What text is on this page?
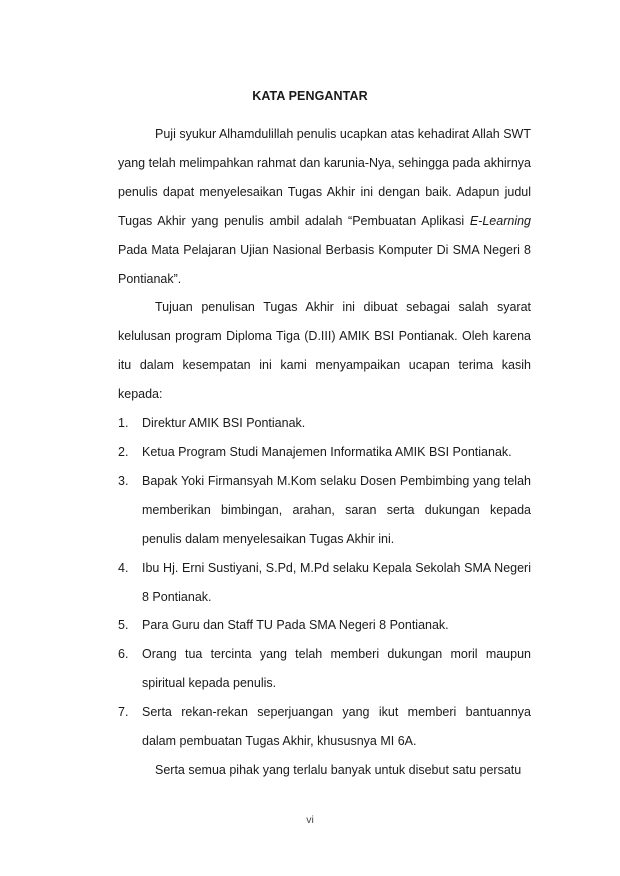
KATA PENGANTAR

Puji syukur Alhamdulillah penulis ucapkan atas kehadirat Allah SWT yang telah melimpahkan rahmat dan karunia-Nya, sehingga pada akhirnya penulis dapat menyelesaikan Tugas Akhir ini dengan baik. Adapun judul Tugas Akhir yang penulis ambil adalah “Pembuatan Aplikasi E-Learning Pada Mata Pelajaran Ujian Nasional Berbasis Komputer Di SMA Negeri 8 Pontianak”.

Tujuan penulisan Tugas Akhir ini dibuat sebagai salah syarat kelulusan program Diploma Tiga (D.III) AMIK BSI Pontianak. Oleh karena itu dalam kesempatan ini kami menyampaikan ucapan terima kasih kepada:

1. Direktur AMIK BSI Pontianak.
2. Ketua Program Studi Manajemen Informatika AMIK BSI Pontianak.
3. Bapak Yoki Firmansyah M.Kom selaku Dosen Pembimbing yang telah memberikan bimbingan, arahan, saran serta dukungan kepada penulis dalam menyelesaikan Tugas Akhir ini.
4. Ibu Hj. Erni Sustiyani, S.Pd, M.Pd selaku Kepala Sekolah SMA Negeri 8 Pontianak.
5. Para Guru dan Staff TU Pada SMA Negeri 8 Pontianak.
6. Orang tua tercinta yang telah memberi dukungan moril maupun spiritual kepada penulis.
7. Serta rekan-rekan seperjuangan yang ikut memberi bantuannya dalam pembuatan Tugas Akhir, khususnya MI 6A.

Serta semua pihak yang terlalu banyak untuk disebut satu persatu

vi
